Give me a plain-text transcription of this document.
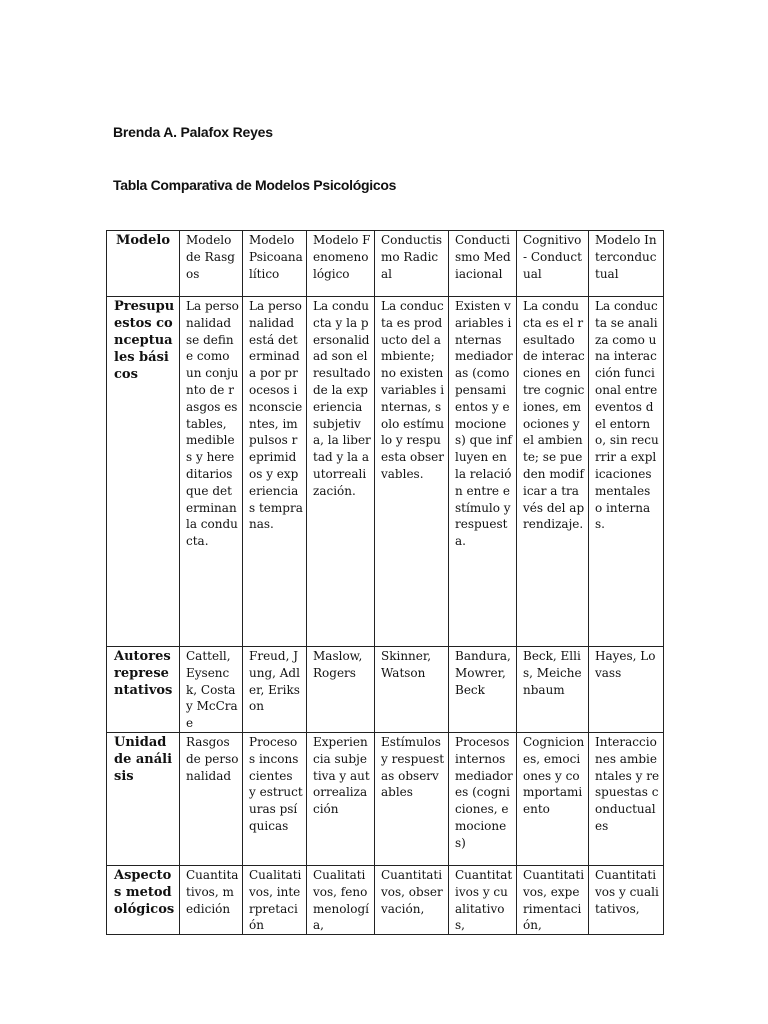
Brenda A. Palafox Reyes
Tabla Comparativa de Modelos Psicológicos
Modelo	Modelo de Rasgos	Modelo Psicoanalítico	Modelo Fenomenológico	Conductismo Radical	Conductismo Mediacional	Cognitivo - Conductual	Modelo Interconductual
Presupuestos conceptuales básicos	La personalidad se define como un conjunto de rasgos estables, medibles y hereditarios que determinan la conducta.	La personalidad está determinada por procesos inconscientes, impulsos reprimidos y experiencias tempranas.	La conducta y la personalidad son el resultado de la experiencia subjetiva, la libertad y la autorrealización.	La conducta es producto del ambiente; no existen variables internas, solo estímulo y respuesta observables.	Existen variables internas mediadoras (como pensamientos y emociones) que influyen en la relación entre estímulo y respuesta.	La conducta es el resultado de interacciones entre cogniciones, emociones y el ambiente; se pueden modificar a través del aprendizaje.	La conducta se analiza como una interacción funcional entre eventos del entorno, sin recurrir a explicaciones mentales o internas.
Autores representativos	Cattell, Eysenck, Costa y McCrae	Freud, Jung, Adler, Erikson	Maslow, Rogers	Skinner, Watson	Bandura, Mowrer, Beck	Beck, Ellis, Meichenbaum	Hayes, Lovass
Unidad de análisis	Rasgos de personalidad	Procesos inconscientes y estructuras psíquicas	Experiencia subjetiva y autorrealización	Estímulos y respuestas observables	Procesos internos mediadores (cogniciones, emociones)	Cogniciones, emociones y comportamiento	Interacciones ambientales y respuestas conductuales
Aspectos metodológicos	Cuantitativos, medición	Cualitativos, interpretación	Cualitativos, fenomenología,	Cuantitativos, observación,	Cuantitativos y cualitativos,	Cuantitativos, experimentación,	Cuantitativos y cualitativos,
